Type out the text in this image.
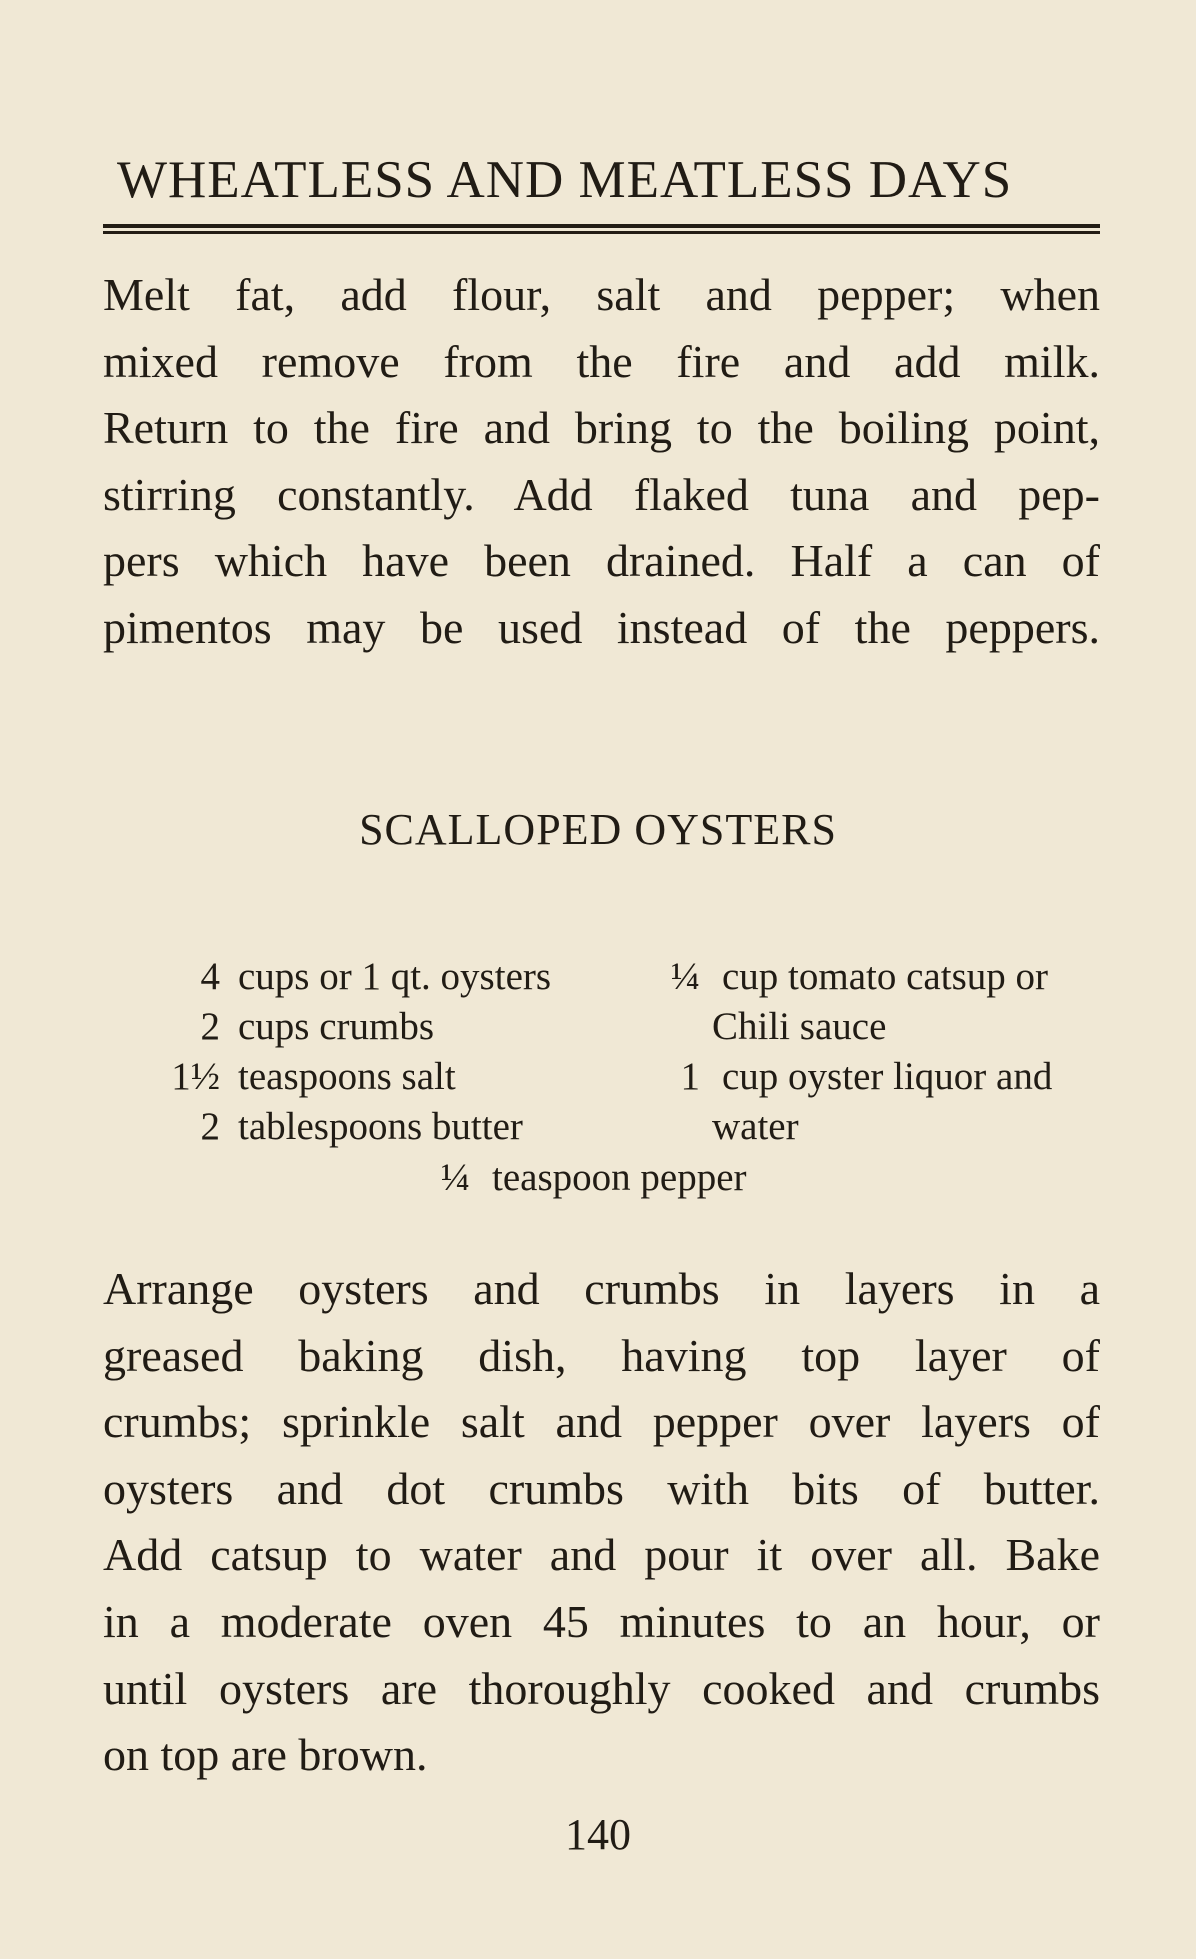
WHEATLESS AND MEATLESS DAYS
Melt fat, add flour, salt and pepper; when
mixed remove from the fire and add milk.
Return to the fire and bring to the boiling point,
stirring constantly. Add flaked tuna and pep-
pers which have been drained. Half a can of
pimentos may be used instead of the peppers.
SCALLOPED OYSTERS
4 cups or 1 qt. oysters
2 cups crumbs
1½ teaspoons salt
2 tablespoons butter
¼ cup tomato catsup or
Chili sauce
1 cup oyster liquor and
water
¼ teaspoon pepper
Arrange oysters and crumbs in layers in a
greased baking dish, having top layer of
crumbs; sprinkle salt and pepper over layers of
oysters and dot crumbs with bits of butter.
Add catsup to water and pour it over all. Bake
in a moderate oven 45 minutes to an hour, or
until oysters are thoroughly cooked and crumbs
on top are brown.
140
